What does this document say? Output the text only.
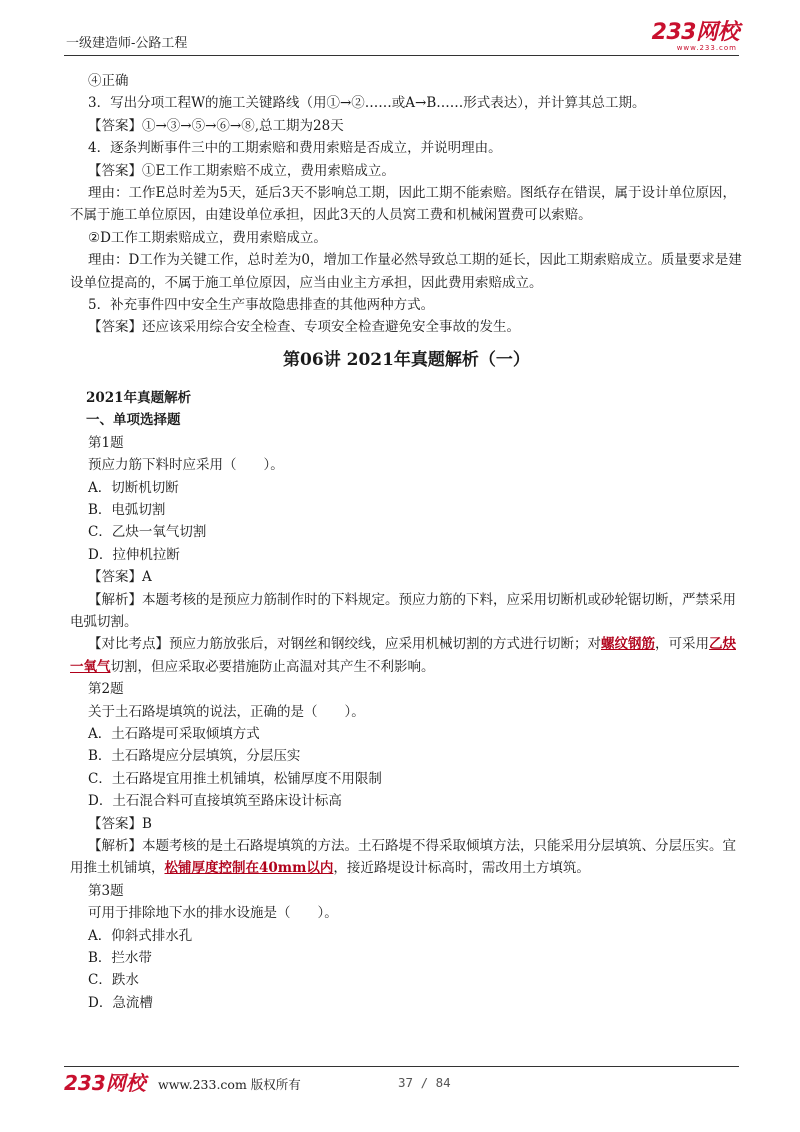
一级建造师-公路工程	233网校
www.233.com

④正确

3．写出分项工程W的施工关键路线（用①→②……或A→B……形式表达），并计算其总工期。

【答案】①→③→⑤→⑥→⑧,总工期为28天

4．逐条判断事件三中的工期索赔和费用索赔是否成立，并说明理由。

【答案】①E工作工期索赔不成立，费用索赔成立。

理由：工作E总时差为5天，延后3天不影响总工期，因此工期不能索赔。图纸存在错误，属于设计单位原因，不属于施工单位原因，由建设单位承担，因此3天的人员窝工费和机械闲置费可以索赔。

②D工作工期索赔成立，费用索赔成立。

理由：D工作为关键工作，总时差为0，增加工作量必然导致总工期的延长，因此工期索赔成立。质量要求是建设单位提高的，不属于施工单位原因，应当由业主方承担，因此费用索赔成立。

5．补充事件四中安全生产事故隐患排查的其他两种方式。

【答案】还应该采用综合安全检查、专项安全检查避免安全事故的发生。

第06讲 2021年真题解析（一）

2021年真题解析

一、单项选择题

第1题

预应力筋下料时应采用（　　）。

A．切断机切断

B．电弧切割

C．乙炔一氧气切割

D．拉伸机拉断

【答案】A

【解析】本题考核的是预应力筋制作时的下料规定。预应力筋的下料，应采用切断机或砂轮锯切断，严禁采用电弧切割。

【对比考点】预应力筋放张后，对钢丝和钢绞线，应采用机械切割的方式进行切断；对螺纹钢筋，可采用乙炔一氧气切割，但应采取必要措施防止高温对其产生不利影响。

第2题

关于土石路堤填筑的说法，正确的是（　　）。

A．土石路堤可采取倾填方式

B．土石路堤应分层填筑，分层压实

C．土石路堤宜用推土机铺填，松铺厚度不用限制

D．土石混合料可直接填筑至路床设计标高

【答案】B

【解析】本题考核的是土石路堤填筑的方法。土石路堤不得采取倾填方法，只能采用分层填筑、分层压实。宜用推土机铺填，松铺厚度控制在40mm以内，接近路堤设计标高时，需改用土方填筑。

第3题

可用于排除地下水的排水设施是（　　）。

A．仰斜式排水孔

B．拦水带

C．跌水

D．急流槽

233网校 www.233.com 版权所有	37 / 84
